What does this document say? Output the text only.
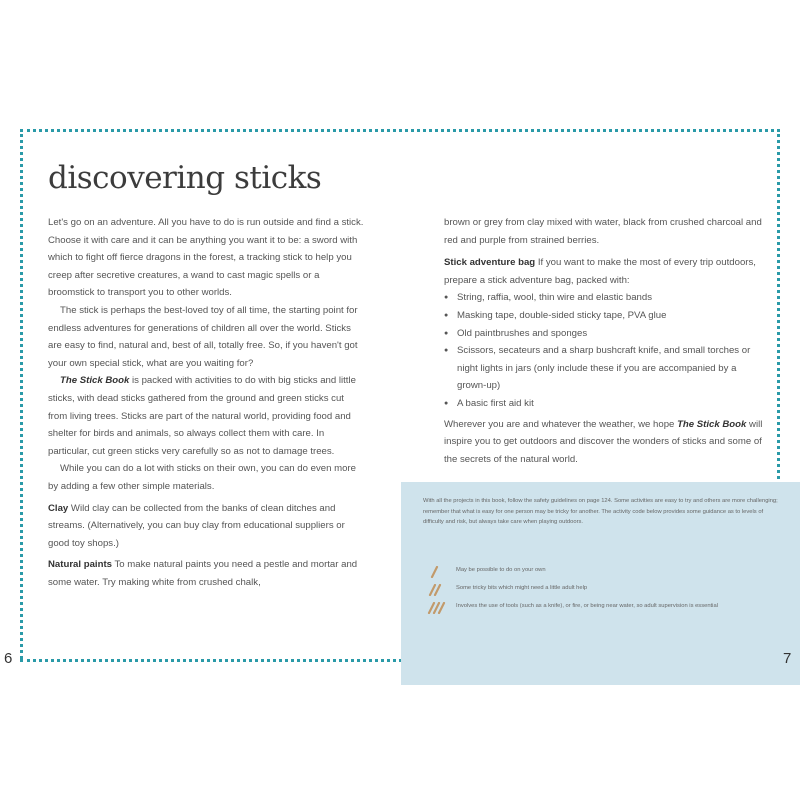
discovering sticks

Let's go on an adventure. All you have to do is run outside and find a stick. Choose it with care and it can be anything you want it to be: a sword with which to fight off fierce dragons in the forest, a tracking stick to help you creep after secretive creatures, a wand to cast magic spells or a broomstick to transport you to other worlds.

The stick is perhaps the best-loved toy of all time, the starting point for endless adventures for generations of children all over the world. Sticks are easy to find, natural and, best of all, totally free. So, if you haven't got your own special stick, what are you waiting for?

The Stick Book is packed with activities to do with big sticks and little sticks, with dead sticks gathered from the ground and green sticks cut from living trees. Sticks are part of the natural world, providing food and shelter for birds and animals, so always collect them with care. In particular, cut green sticks very carefully so as not to damage trees.

While you can do a lot with sticks on their own, you can do even more by adding a few other simple materials.

Clay Wild clay can be collected from the banks of clean ditches and streams. (Alternatively, you can buy clay from educational suppliers or good toy shops.)

Natural paints To make natural paints you need a pestle and mortar and some water. Try making white from crushed chalk,

brown or grey from clay mixed with water, black from crushed charcoal and red and purple from strained berries.

Stick adventure bag If you want to make the most of every trip outdoors, prepare a stick adventure bag, packed with:

● String, raffia, wool, thin wire and elastic bands

● Masking tape, double-sided sticky tape, PVA glue

● Old paintbrushes and sponges

● Scissors, secateurs and a sharp bushcraft knife, and small torches or night lights in jars (only include these if you are accompanied by a grown-up)

● A basic first aid kit

Wherever you are and whatever the weather, we hope The Stick Book will inspire you to get outdoors and discover the wonders of sticks and some of the secrets of the natural world.

With all the projects in this book, follow the safety guidelines on page 124. Some activities are easy to try and others are more challenging; remember that what is easy for one person may be tricky for another. The activity code below provides some guidance as to levels of difficulty and risk, but always take care when playing outdoors.

May be possible to do on your own
Some tricky bits which might need a little adult help
Involves the use of tools (such as a knife), or fire, or being near water, so adult supervision is essential
6	7
